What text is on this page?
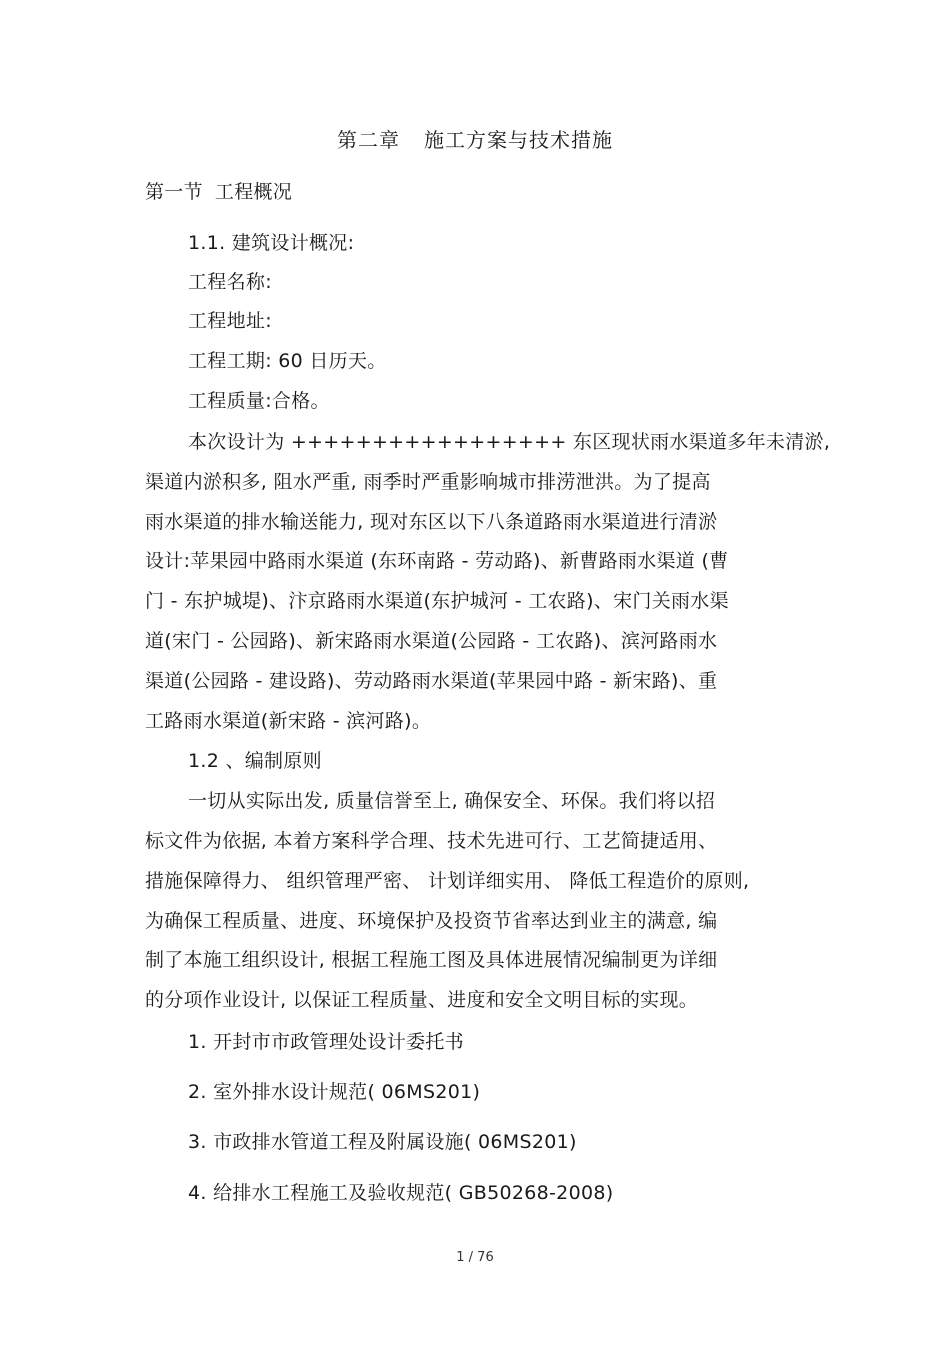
第二章 施工方案与技术措施
第一节 工程概况
1.1. 建筑设计概况:
工程名称:
工程地址:
工程工期: 60 日历天。
工程质量:合格。
本次设计为 +++++++++++++++++ 东区现状雨水渠道多年未清淤,
渠道内淤积多, 阻水严重, 雨季时严重影响城市排涝泄洪。为了提高
雨水渠道的排水输送能力, 现对东区以下八条道路雨水渠道进行清淤
设计:苹果园中路雨水渠道 (东环南路 - 劳动路)、新曹路雨水渠道 (曹
门 - 东护城堤)、汴京路雨水渠道(东护城河 - 工农路)、宋门关雨水渠
道(宋门 - 公园路)、新宋路雨水渠道(公园路 - 工农路)、滨河路雨水
渠道(公园路 - 建设路)、劳动路雨水渠道(苹果园中路 - 新宋路)、重
工路雨水渠道(新宋路 - 滨河路)。
1.2 、编制原则
一切从实际出发, 质量信誉至上, 确保安全、环保。我们将以招
标文件为依据, 本着方案科学合理、技术先进可行、工艺简捷适用、
措施保障得力、 组织管理严密、 计划详细实用、 降低工程造价的原则,
为确保工程质量、进度、环境保护及投资节省率达到业主的满意, 编
制了本施工组织设计, 根据工程施工图及具体进展情况编制更为详细
的分项作业设计, 以保证工程质量、进度和安全文明目标的实现。
1. 开封市市政管理处设计委托书
2. 室外排水设计规范( 06MS201)
3. 市政排水管道工程及附属设施( 06MS201)
4. 给排水工程施工及验收规范( GB50268-2008)
1 / 76
